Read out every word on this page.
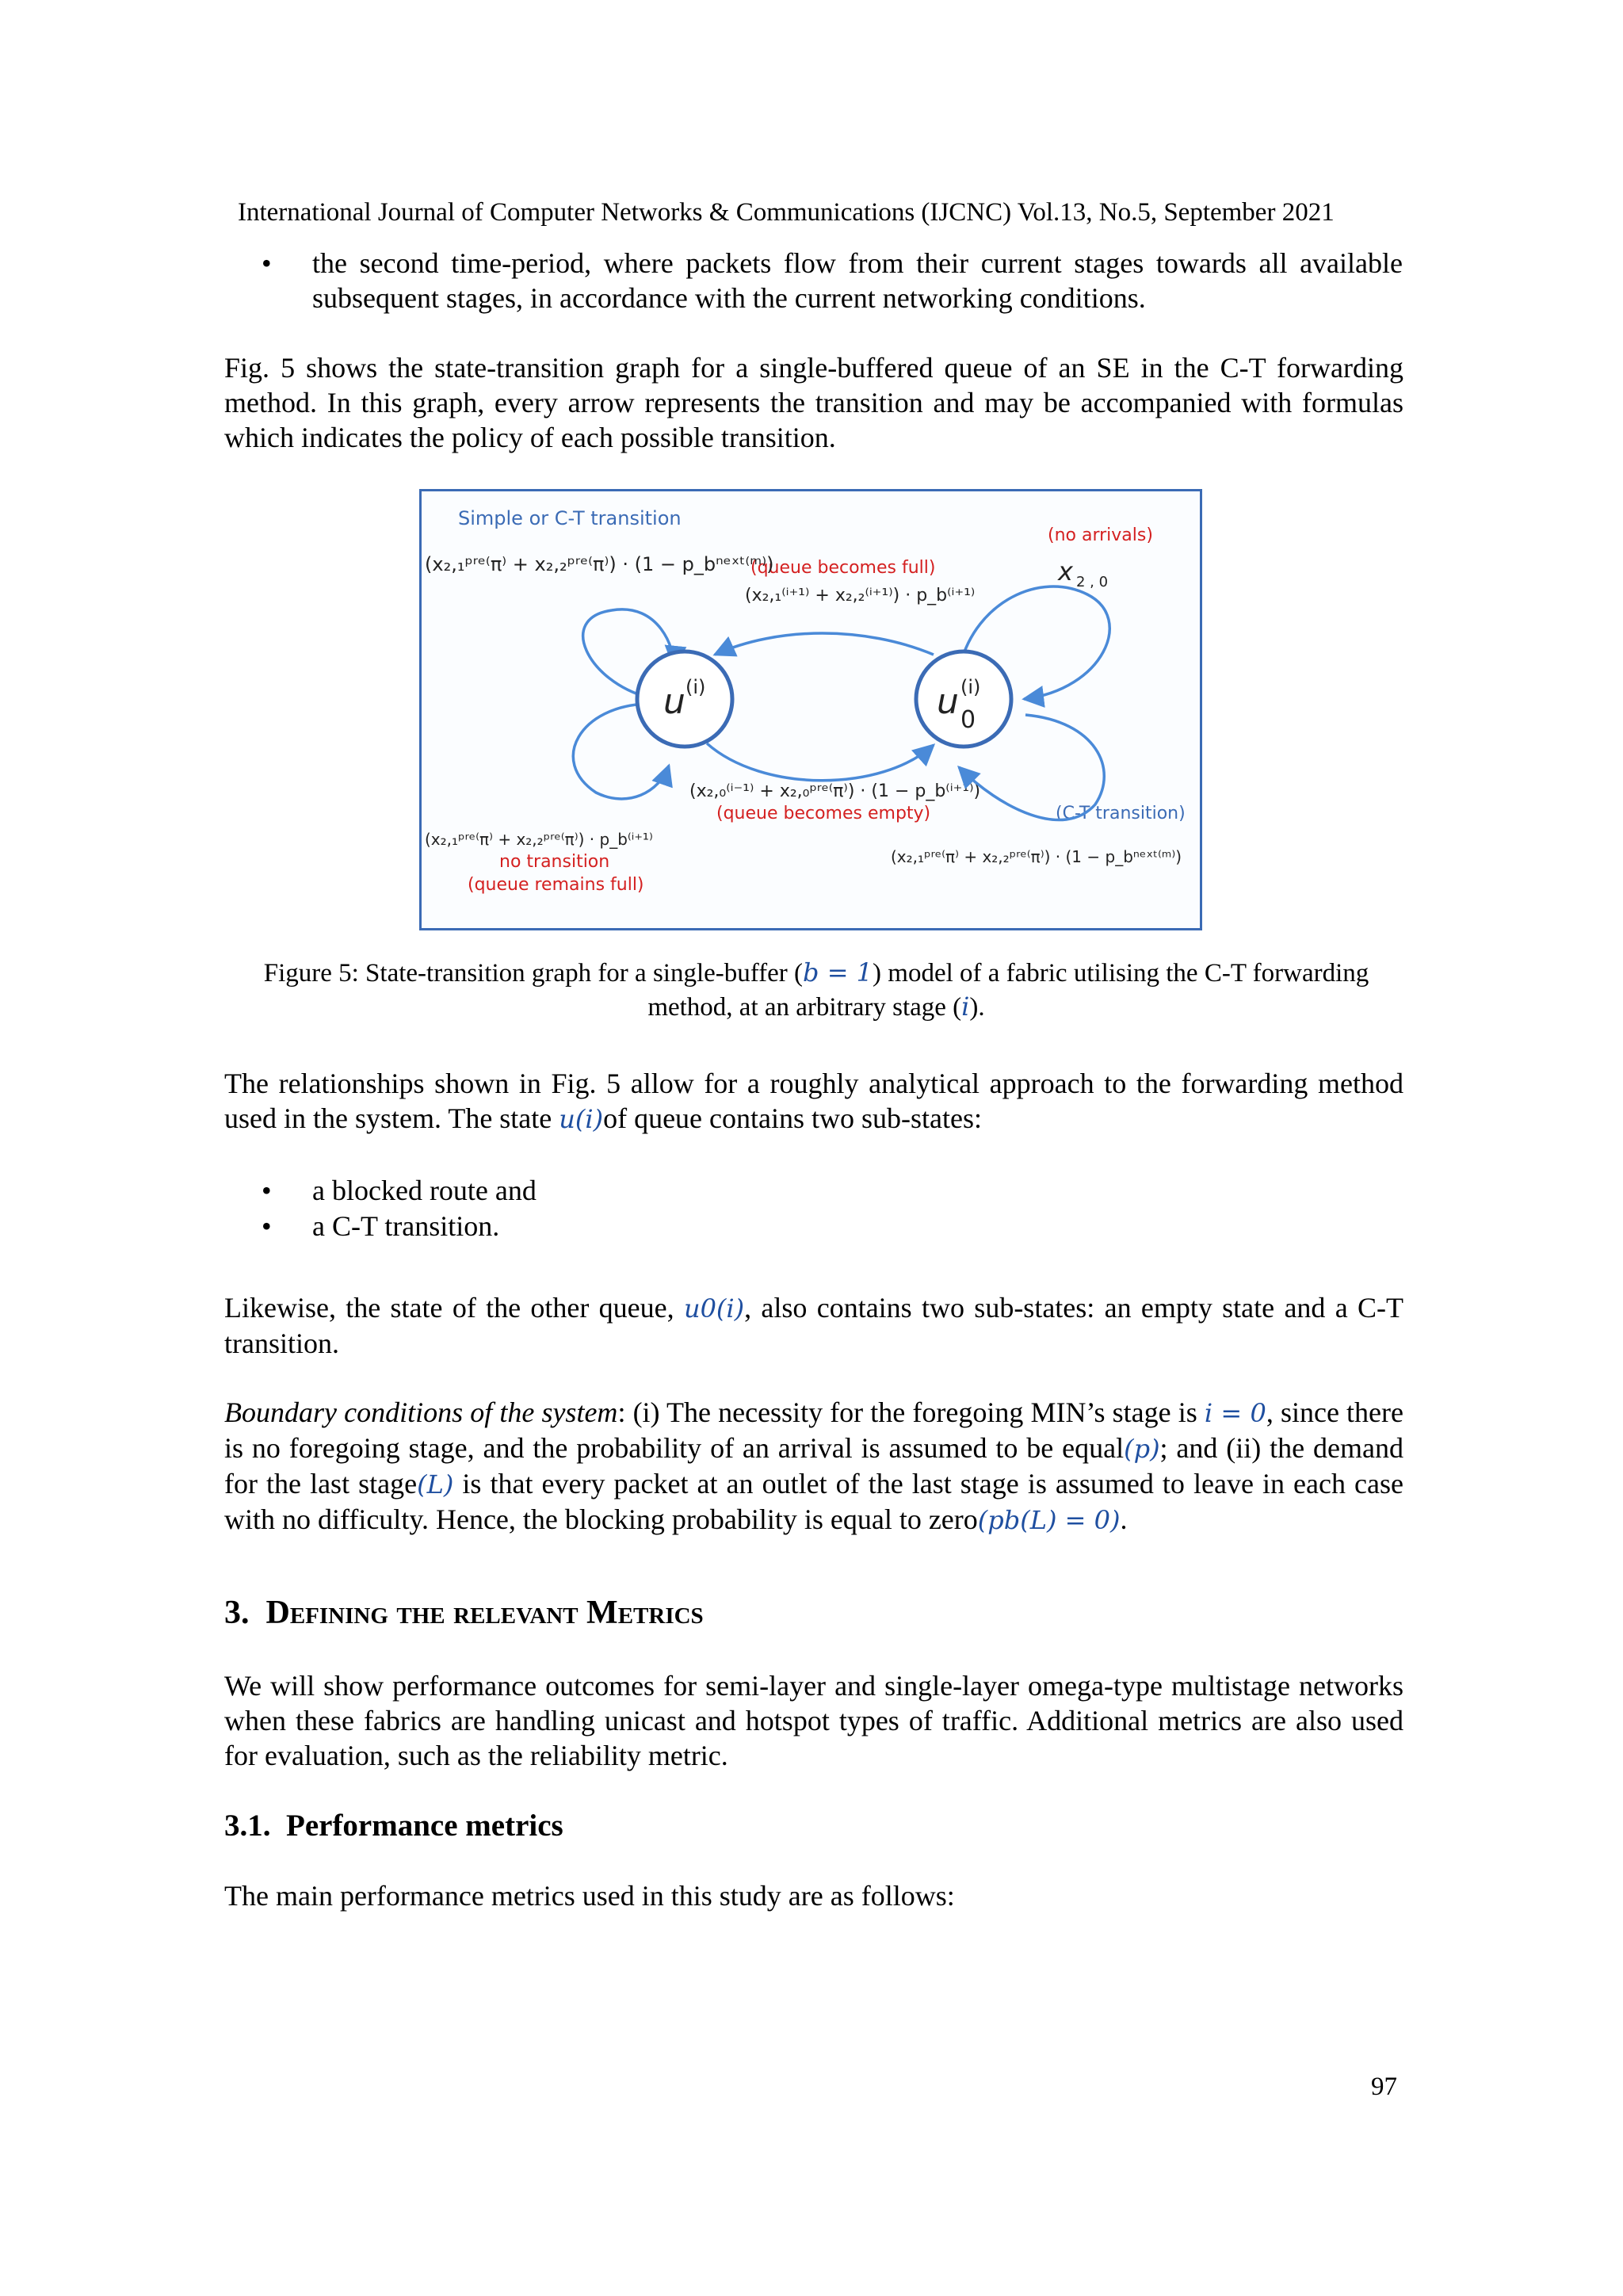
International Journal of Computer Networks & Communications (IJCNC) Vol.13, No.5, September 2021
•	the second time-period, where packets flow from their current stages towards all available subsequent stages, in accordance with the current networking conditions.
Fig. 5 shows the state-transition graph for a single-buffered queue of an SE in the C-T forwarding method. In this graph, every arrow represents the transition and may be accompanied with formulas which indicates the policy of each possible transition.
Simple or C-T transition
(no arrivals)
(queue becomes full)
(queue becomes empty)	(C-T transition)
no transition
(queue remains full)
(x₂,₁ᵖʳᵉ⁽π⁾ + x₂,₂ᵖʳᵉ⁽π⁾) · (1 − p_bⁿᵉˣᵗ⁽ᵐ⁾)
(x₂,₁⁽ⁱ⁺¹⁾ + x₂,₂⁽ⁱ⁺¹⁾) · p_b⁽ⁱ⁺¹⁾
x 2 , 0
(x₂,₀⁽ⁱ⁻¹⁾ + x₂,₀ᵖʳᵉ⁽π⁾) · (1 − p_b⁽ⁱ⁺¹⁾)
(x₂,₁ᵖʳᵉ⁽π⁾ + x₂,₂ᵖʳᵉ⁽π⁾) · p_b⁽ⁱ⁺¹⁾
(x₂,₁ᵖʳᵉ⁽π⁾ + x₂,₂ᵖʳᵉ⁽π⁾) · (1 − p_bⁿᵉˣᵗ⁽ᵐ⁾)
u (i)	u (i)
0
Figure 5: State-transition graph for a single-buffer (b = 1) model of a fabric utilising the C-T forwarding method, at an arbitrary stage (i).
The relationships shown in Fig. 5 allow for a roughly analytical approach to the forwarding method used in the system. The state u(i)of queue contains two sub-states:
•	a blocked route and
•	a C-T transition.
Likewise, the state of the other queue, u0(i), also contains two sub-states: an empty state and a C-T transition.
Boundary conditions of the system: (i) The necessity for the foregoing MIN’s stage is i = 0, since there is no foregoing stage, and the probability of an arrival is assumed to be equal(p); and (ii) the demand for the last stage(L) is that every packet at an outlet of the last stage is assumed to leave in each case with no difficulty. Hence, the blocking probability is equal to zero(pb(L) = 0).
3. Defining the relevant Metrics
We will show performance outcomes for semi-layer and single-layer omega-type multistage networks when these fabrics are handling unicast and hotspot types of traffic. Additional metrics are also used for evaluation, such as the reliability metric.
3.1. Performance metrics
The main performance metrics used in this study are as follows:
97
